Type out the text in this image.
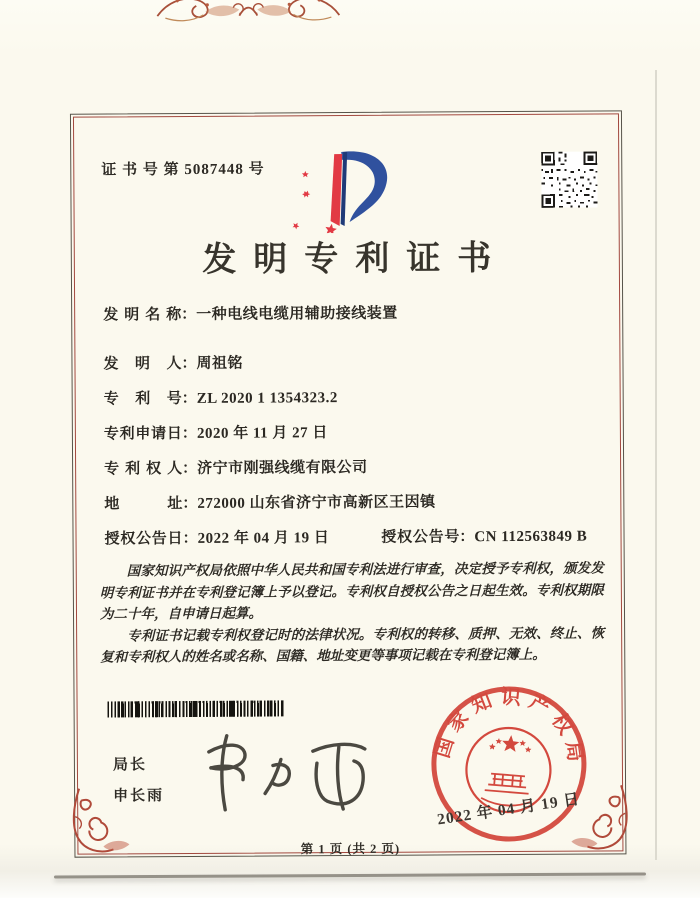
证 书 号 第 5087448 号
发明专利证书
发明名称：一种电线电缆用辅助接线装置
发明人：周祖铭
专利号：ZL 2020 1 1354323.2
专利申请日：2020 年 11 月 27 日
专利权人：济宁市刚强线缆有限公司
地址：272000 山东省济宁市高新区王因镇
授权公告日：2022 年 04 月 19 日	授权公告号：CN 112563849 B

国家知识产权局依照中华人民共和国专利法进行审查，决定授予专利权，颁发发明专利证书并在专利登记簿上予以登记。专利权自授权公告之日起生效。专利权期限为二十年，自申请日起算。

专利证书记载专利权登记时的法律状况。专利权的转移、质押、无效、终止、恢复和专利权人的姓名或名称、国籍、地址变更等事项记载在专利登记簿上。

局长
申长雨
国家知识产权局
2022 年 04 月 19 日
第 1 页 (共 2 页)
